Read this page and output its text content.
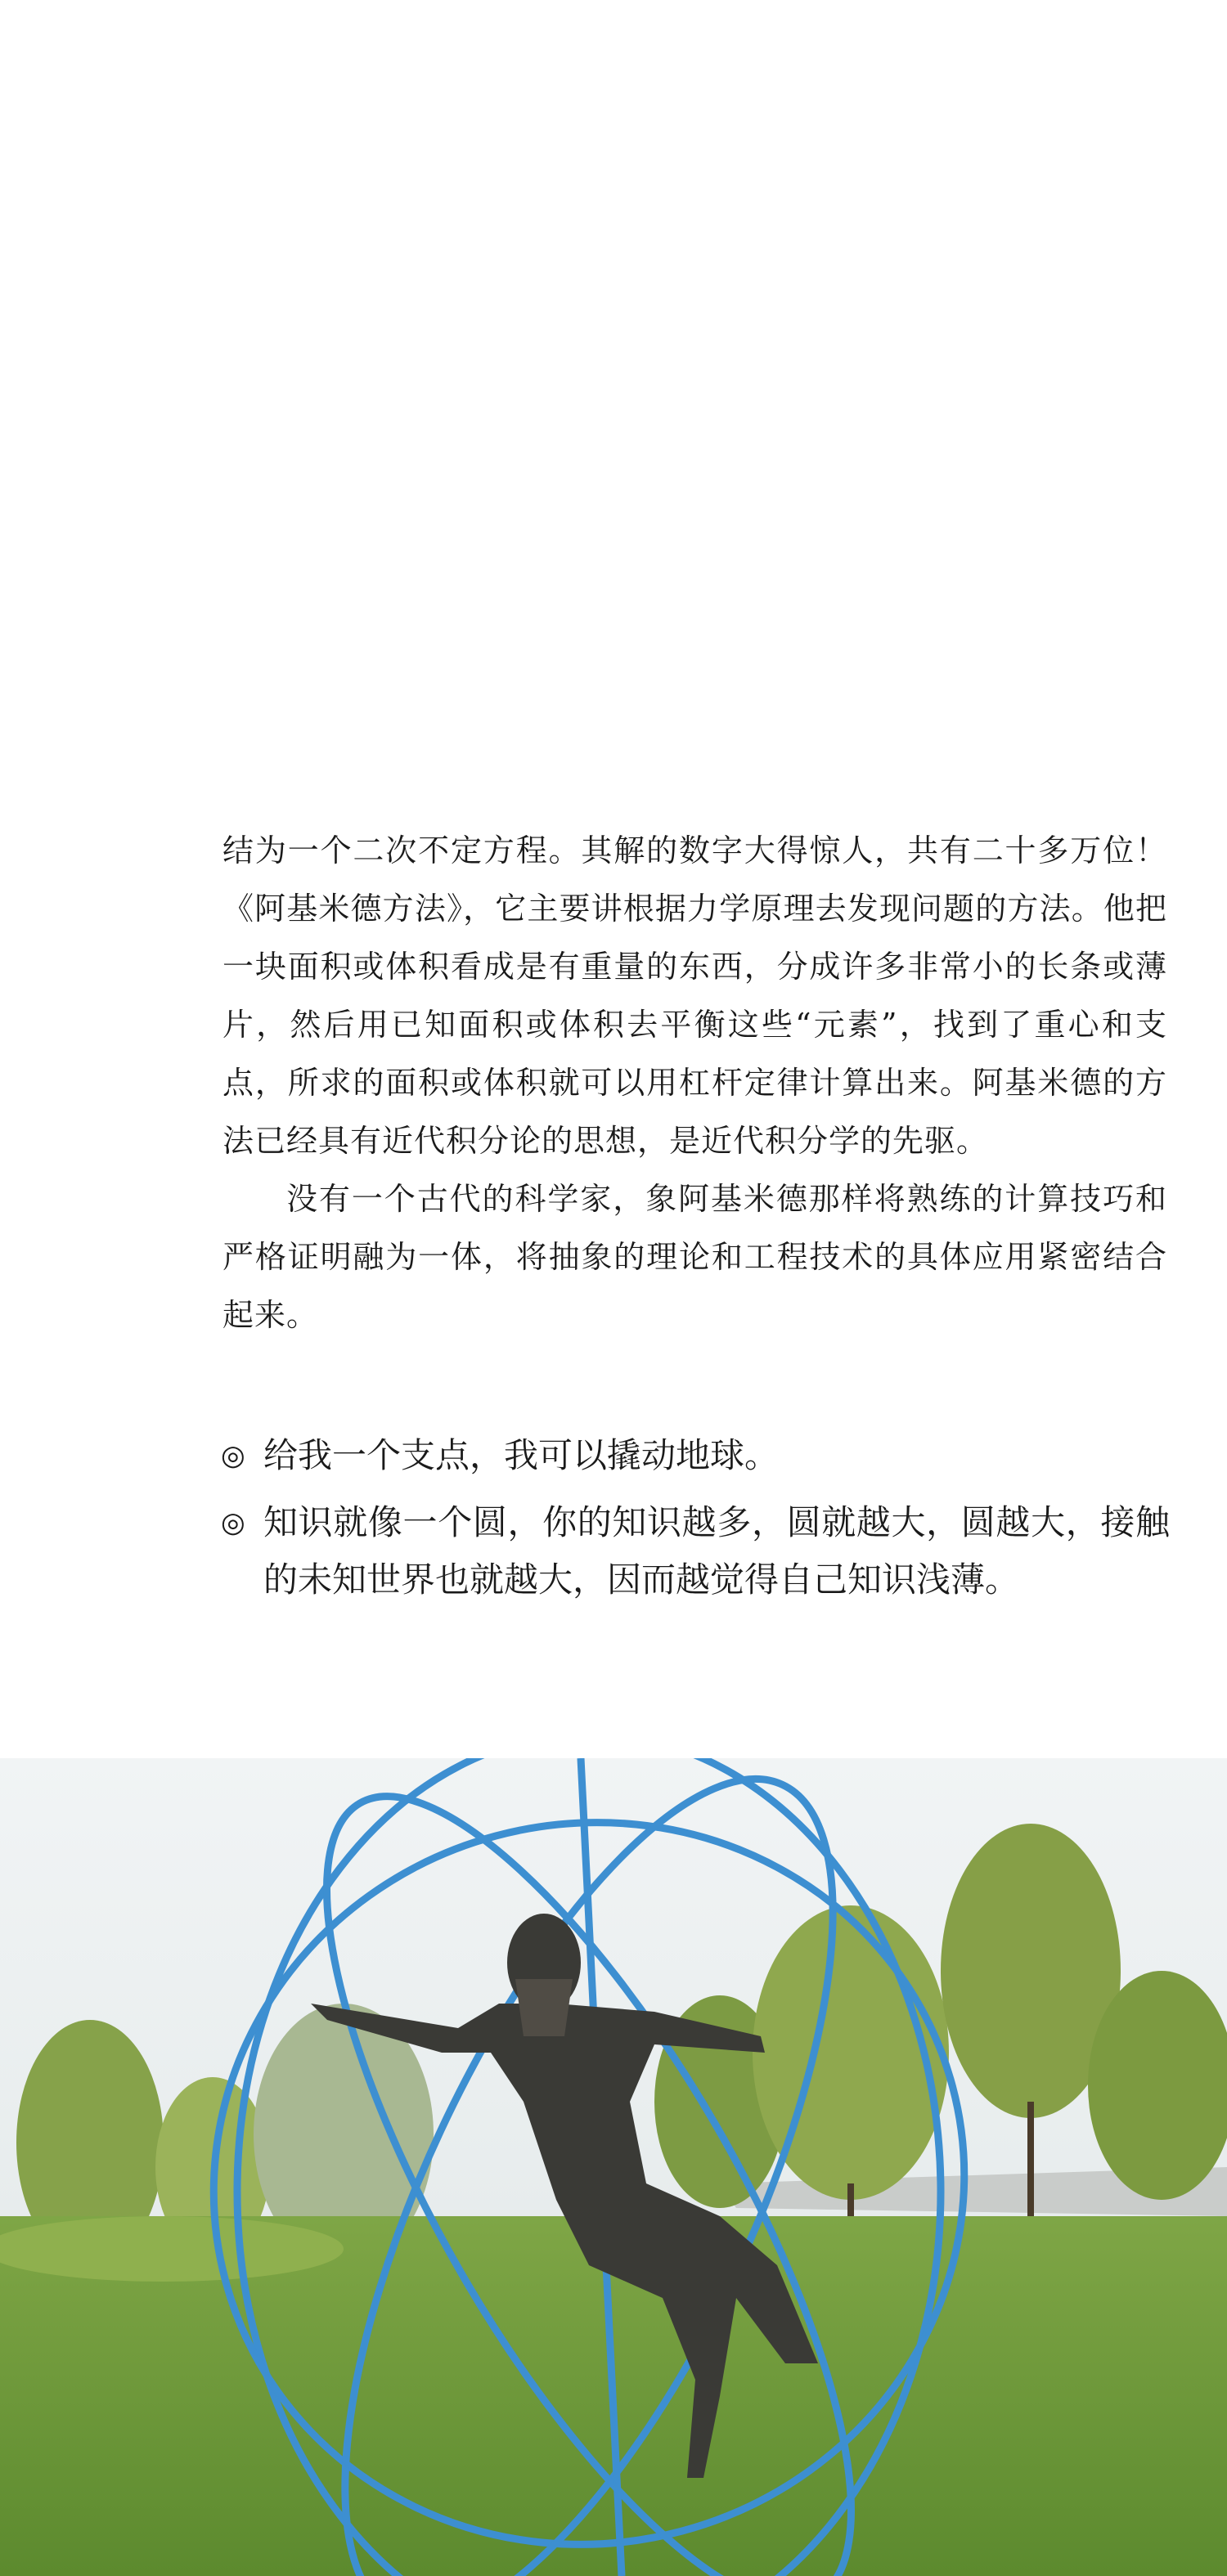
结为一个二次不定方程。其解的数字大得惊人，共有二十多万位！《阿基米德方法》，它主要讲根据力学原理去发现问题的方法。他把一块面积或体积看成是有重量的东西，分成许多非常小的长条或薄片，然后用已知面积或体积去平衡这些“元素”，找到了重心和支点，所求的面积或体积就可以用杠杆定律计算出来。阿基米德的方法已经具有近代积分论的思想，是近代积分学的先驱。

没有一个古代的科学家，象阿基米德那样将熟练的计算技巧和严格证明融为一体，将抽象的理论和工程技术的具体应用紧密结合起来。

◎ 给我一个支点，我可以撬动地球。
◎ 知识就像一个圆，你的知识越多，圆就越大，圆越大，接触的未知世界也就越大，因而越觉得自己知识浅薄。
